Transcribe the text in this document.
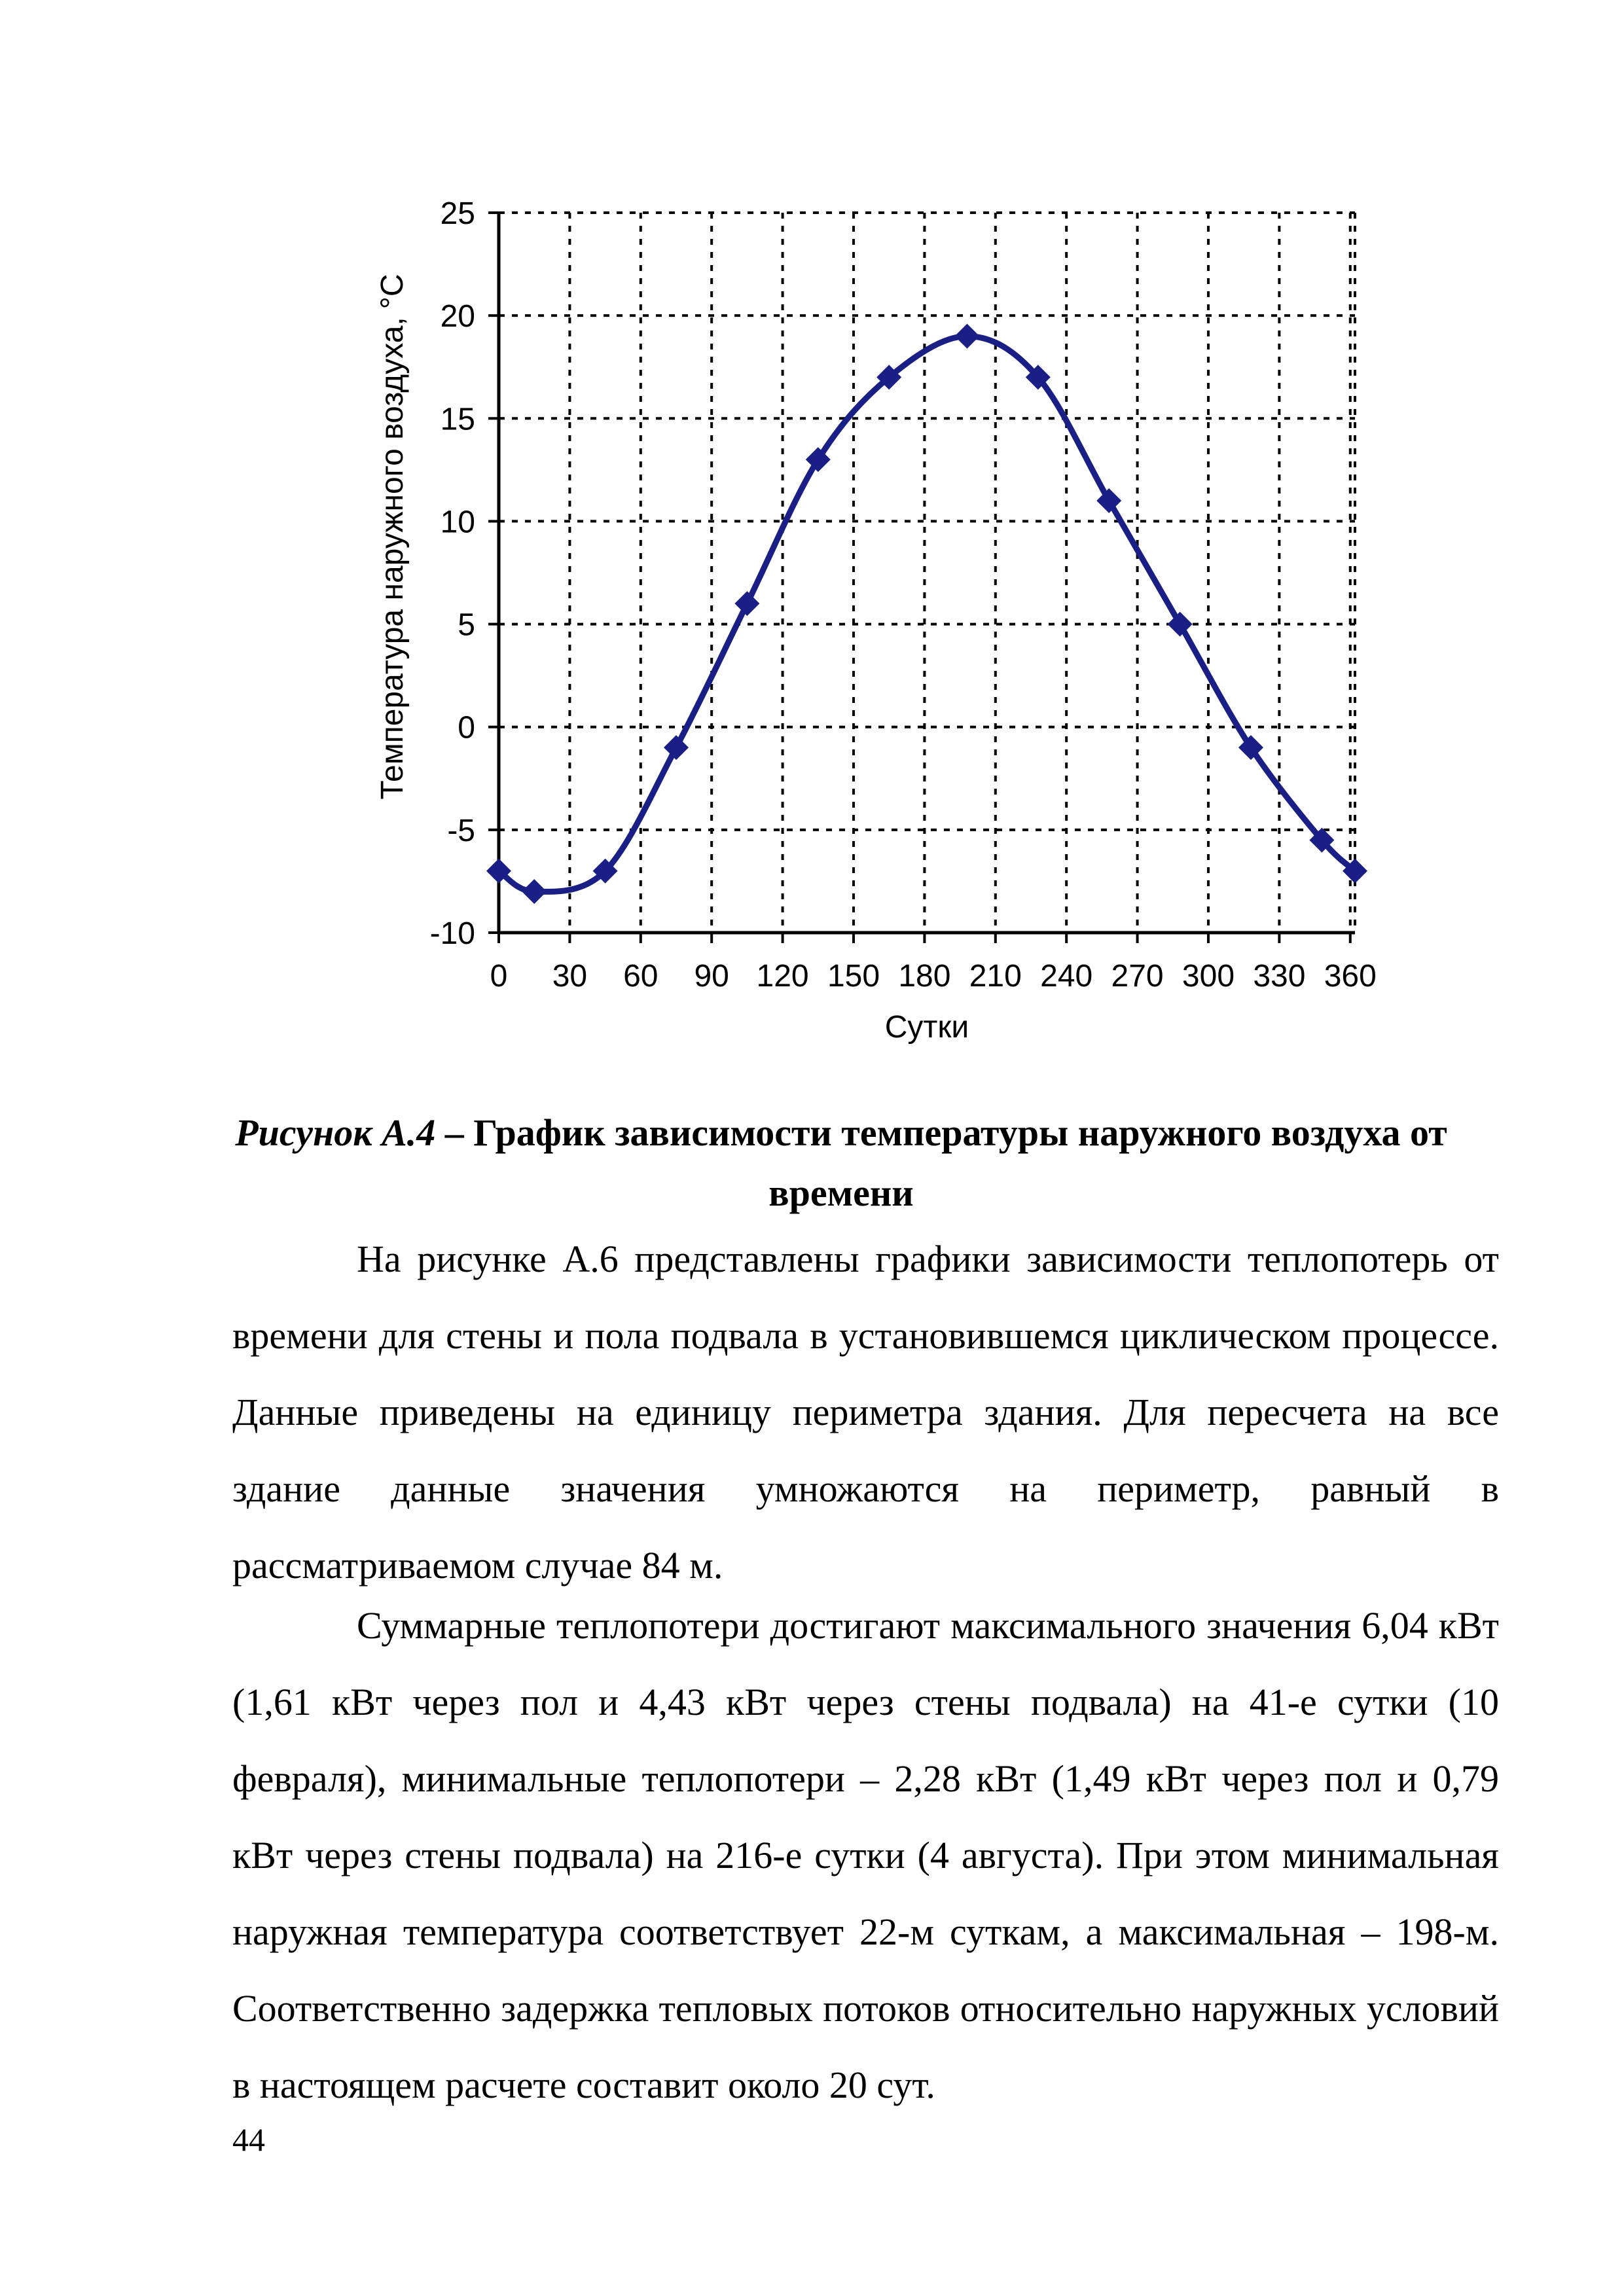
25
20
15
10
5
0
-5
-10
0 30 60 90 120 150 180 210 240 270 300 330 360
Сутки
Температура наружного воздуха,°C
Рисунок А.4 – График зависимости температуры наружного воздуха от времени

На рисунке А.6 представлены графики зависимости теплопотерь от времени для стены и пола подвала в установившемся циклическом процессе. Данные приведены на единицу периметра здания. Для пересчета на все здание данные значения умножаются на периметр, равный в рассматриваемом случае 84 м.

Суммарные теплопотери достигают максимального значения 6,04 кВт (1,61 кВт через пол и 4,43 кВт через стены подвала) на 41-е сутки (10 февраля), минимальные теплопотери – 2,28 кВт (1,49 кВт через пол и 0,79 кВт через стены подвала) на 216-е сутки (4 августа). При этом минимальная наружная температура соответствует 22-м суткам, а максимальная – 198-м. Соответственно задержка тепловых потоков относительно наружных условий в настоящем расчете составит около 20 сут.

44
